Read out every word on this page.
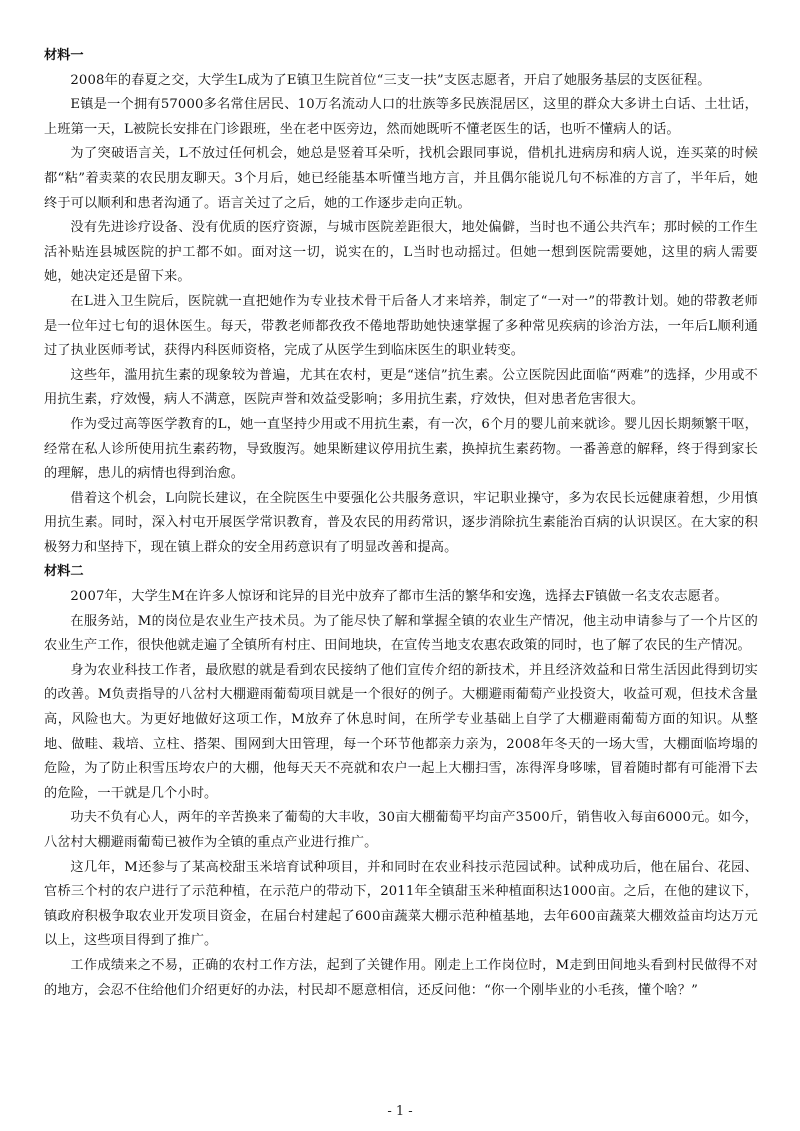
材料一

2008年的春夏之交，大学生L成为了E镇卫生院首位“三支一扶”支医志愿者，开启了她服务基层的支医征程。

E镇是一个拥有57000多名常住居民、10万名流动人口的壮族等多民族混居区，这里的群众大多讲土白话、土壮话，上班第一天，L被院长安排在门诊跟班，坐在老中医旁边，然而她既听不懂老医生的话，也听不懂病人的话。

为了突破语言关，L不放过任何机会，她总是竖着耳朵听，找机会跟同事说，借机扎进病房和病人说，连买菜的时候都“粘”着卖菜的农民朋友聊天。3个月后，她已经能基本听懂当地方言，并且偶尔能说几句不标准的方言了，半年后，她终于可以顺利和患者沟通了。语言关过了之后，她的工作逐步走向正轨。

没有先进诊疗设备、没有优质的医疗资源，与城市医院差距很大，地处偏僻，当时也不通公共汽车；那时候的工作生活补贴连县城医院的护工都不如。面对这一切，说实在的，L当时也动摇过。但她一想到医院需要她，这里的病人需要她，她决定还是留下来。

在L进入卫生院后，医院就一直把她作为专业技术骨干后备人才来培养，制定了“一对一”的带教计划。她的带教老师是一位年过七旬的退休医生。每天，带教老师都孜孜不倦地帮助她快速掌握了多种常见疾病的诊治方法，一年后L顺利通过了执业医师考试，获得内科医师资格，完成了从医学生到临床医生的职业转变。

这些年，滥用抗生素的现象较为普遍，尤其在农村，更是“迷信”抗生素。公立医院因此面临“两难”的选择，少用或不用抗生素，疗效慢，病人不满意，医院声誉和效益受影响；多用抗生素，疗效快，但对患者危害很大。

作为受过高等医学教育的L，她一直坚持少用或不用抗生素，有一次，6个月的婴儿前来就诊。婴儿因长期频繁干呕，经常在私人诊所使用抗生素药物，导致腹泻。她果断建议停用抗生素，换掉抗生素药物。一番善意的解释，终于得到家长的理解，患儿的病情也得到治愈。

借着这个机会，L向院长建议，在全院医生中要强化公共服务意识，牢记职业操守，多为农民长远健康着想，少用慎用抗生素。同时，深入村屯开展医学常识教育，普及农民的用药常识，逐步消除抗生素能治百病的认识误区。在大家的积极努力和坚持下，现在镇上群众的安全用药意识有了明显改善和提高。

材料二

2007年，大学生M在许多人惊讶和诧异的目光中放弃了都市生活的繁华和安逸，选择去F镇做一名支农志愿者。

在服务站，M的岗位是农业生产技术员。为了能尽快了解和掌握全镇的农业生产情况，他主动申请参与了一个片区的农业生产工作，很快他就走遍了全镇所有村庄、田间地块，在宣传当地支农惠农政策的同时，也了解了农民的生产情况。

身为农业科技工作者，最欣慰的就是看到农民接纳了他们宣传介绍的新技术，并且经济效益和日常生活因此得到切实的改善。M负责指导的八岔村大棚避雨葡萄项目就是一个很好的例子。大棚避雨葡萄产业投资大，收益可观，但技术含量高，风险也大。为更好地做好这项工作，M放弃了休息时间，在所学专业基础上自学了大棚避雨葡萄方面的知识。从整地、做畦、栽培、立柱、搭架、围网到大田管理，每一个环节他都亲力亲为，2008年冬天的一场大雪，大棚面临垮塌的危险，为了防止积雪压垮农户的大棚，他每天天不亮就和农户一起上大棚扫雪，冻得浑身哆嗦，冒着随时都有可能滑下去的危险，一干就是几个小时。

功夫不负有心人，两年的辛苦换来了葡萄的大丰收，30亩大棚葡萄平均亩产3500斤，销售收入每亩6000元。如今，八岔村大棚避雨葡萄已被作为全镇的重点产业进行推广。

这几年，M还参与了某高校甜玉米培育试种项目，并和同时在农业科技示范园试种。试种成功后，他在届台、花园、官桥三个村的农户进行了示范种植，在示范户的带动下，2011年全镇甜玉米种植面积达1000亩。之后，在他的建议下，镇政府积极争取农业开发项目资金，在届台村建起了600亩蔬菜大棚示范种植基地，去年600亩蔬菜大棚效益亩均达万元以上，这些项目得到了推广。

工作成绩来之不易，正确的农村工作方法，起到了关键作用。刚走上工作岗位时，M走到田间地头看到村民做得不对的地方，会忍不住给他们介绍更好的办法，村民却不愿意相信，还反问他：“你一个刚毕业的小毛孩，懂个啥？”

- 1 -
